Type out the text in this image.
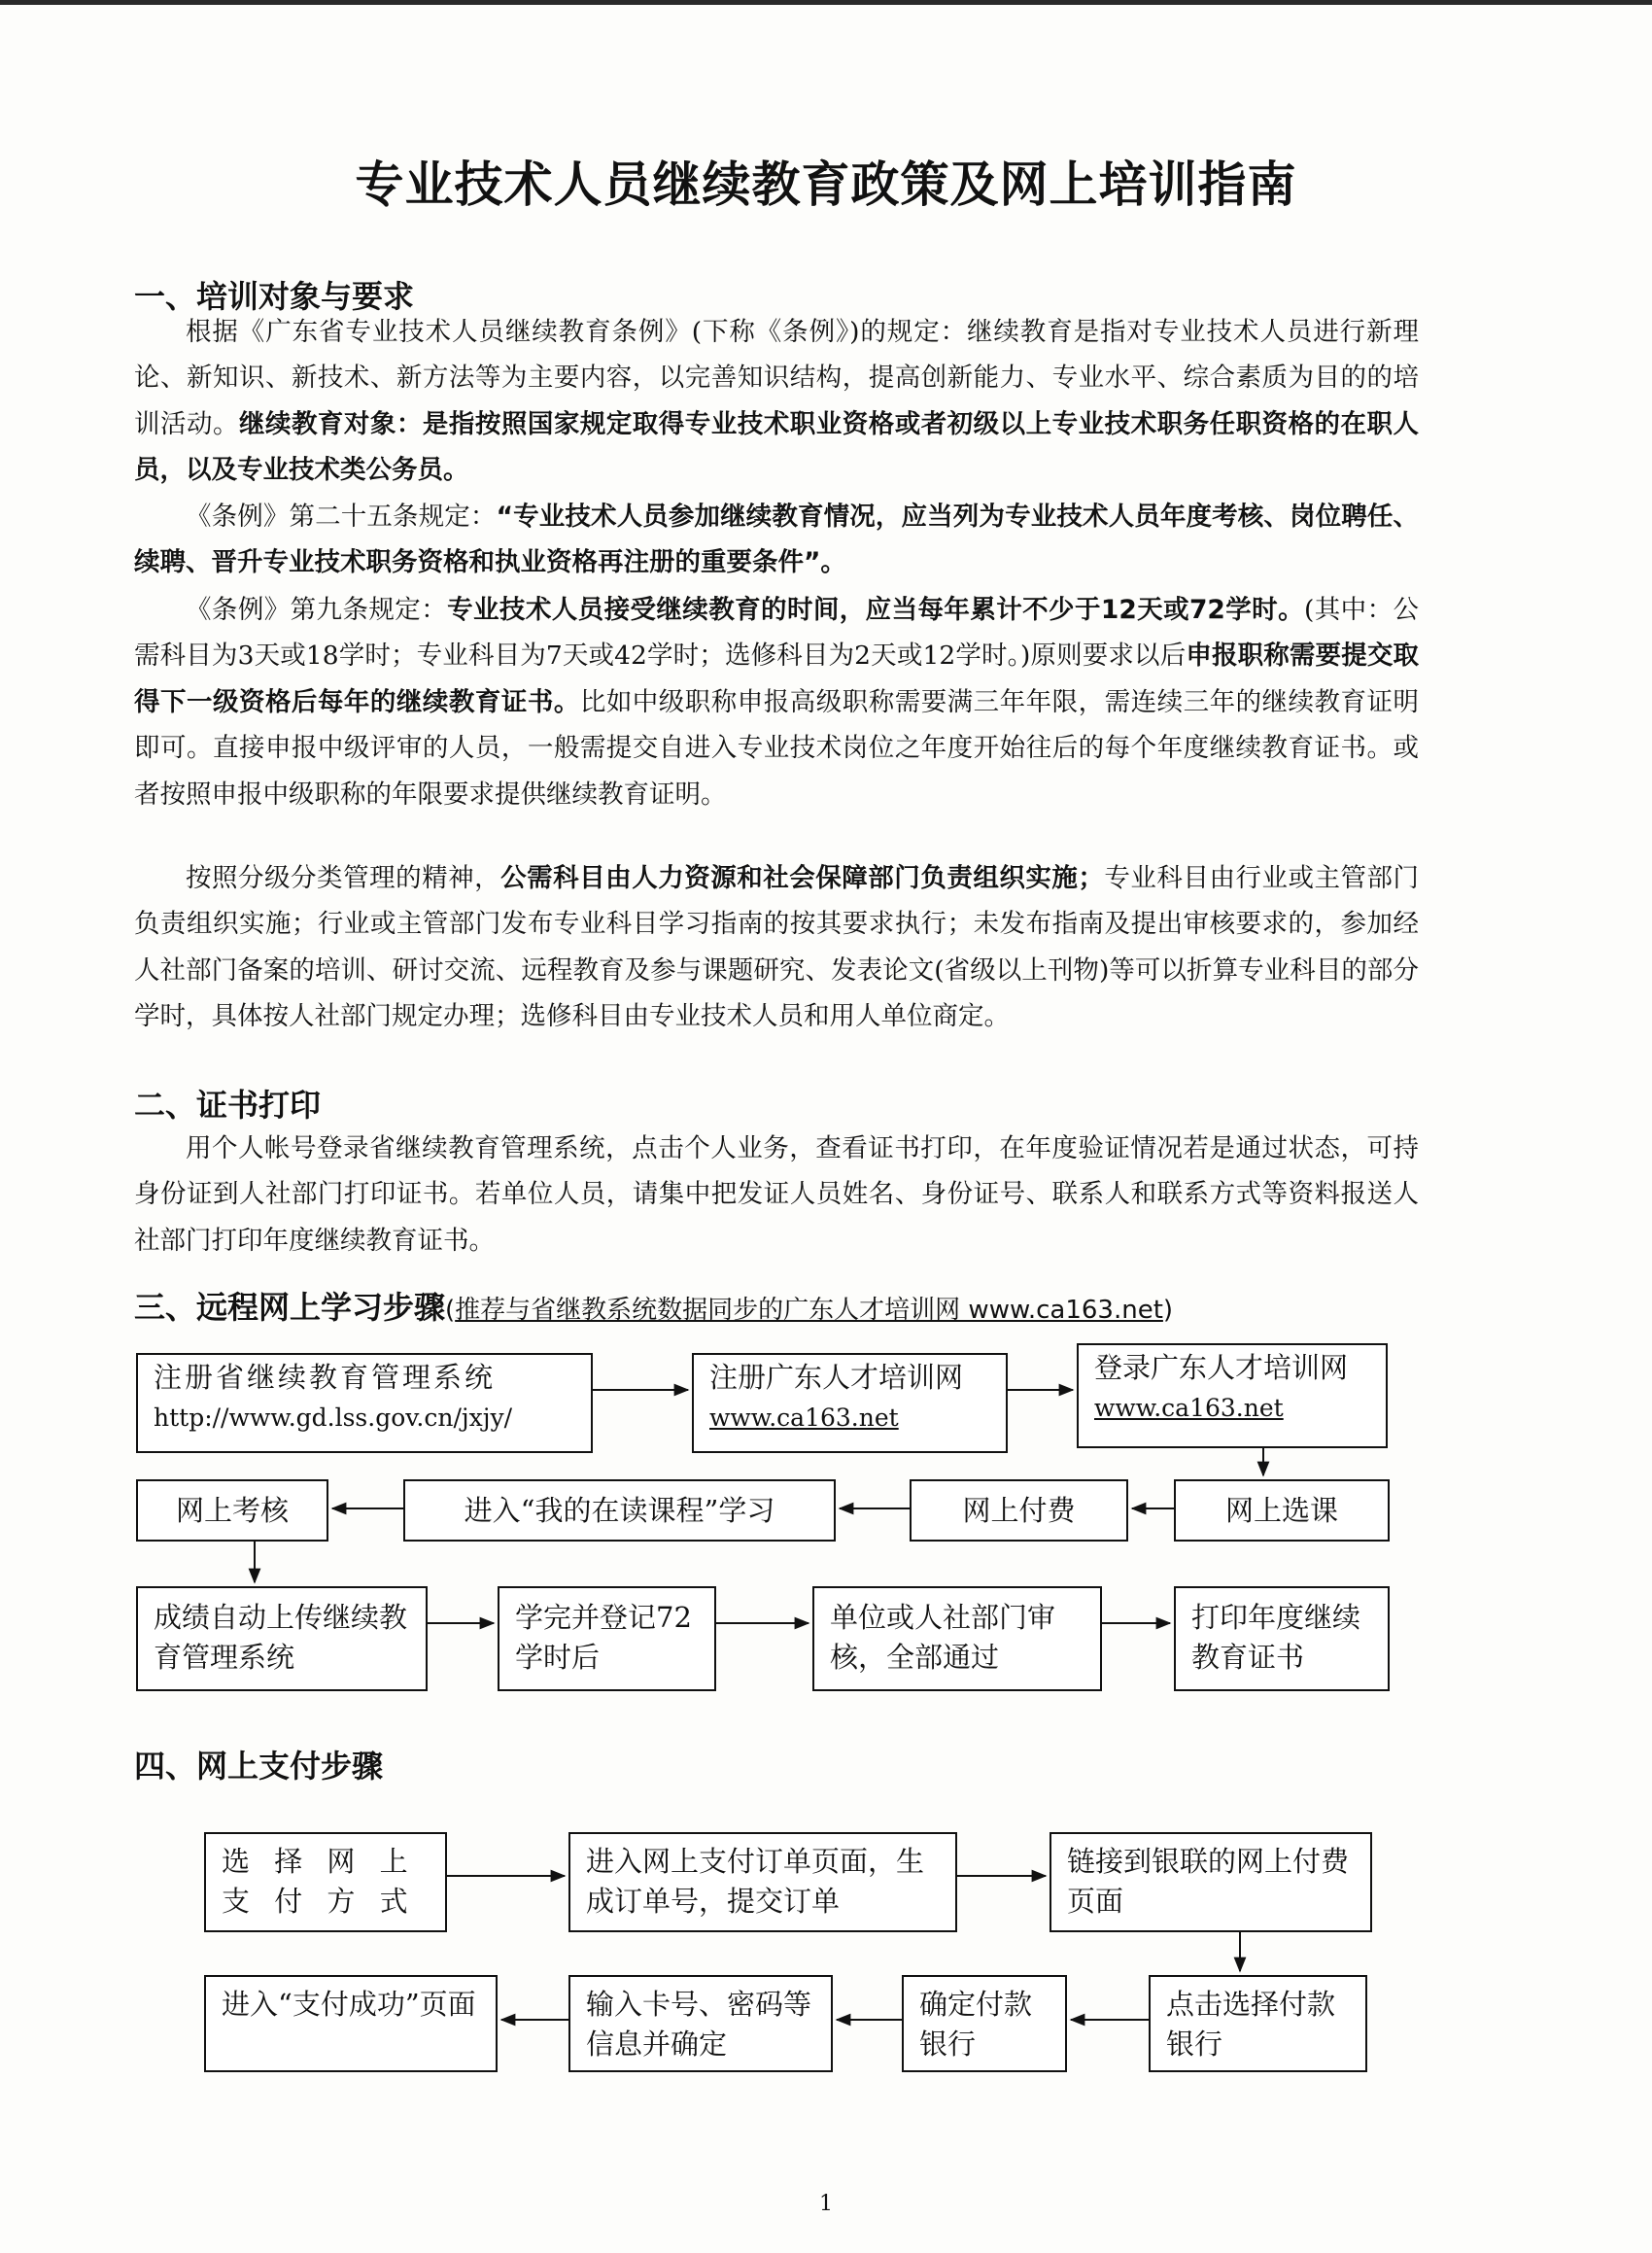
专业技术人员继续教育政策及网上培训指南
一、培训对象与要求

根据《广东省专业技术人员继续教育条例》(下称《条例》)的规定：继续教育是指对专业技术人员进行新理论、新知识、新技术、新方法等为主要内容，以完善知识结构，提高创新能力、专业水平、综合素质为目的的培训活动。继续教育对象：是指按照国家规定取得专业技术职业资格或者初级以上专业技术职务任职资格的在职人员，以及专业技术类公务员。

《条例》第二十五条规定：“专业技术人员参加继续教育情况，应当列为专业技术人员年度考核、岗位聘任、续聘、晋升专业技术职务资格和执业资格再注册的重要条件”。

《条例》第九条规定：专业技术人员接受继续教育的时间，应当每年累计不少于12天或72学时。(其中：公需科目为3天或18学时；专业科目为7天或42学时；选修科目为2天或12学时。)原则要求以后申报职称需要提交取得下一级资格后每年的继续教育证书。比如中级职称申报高级职称需要满三年年限，需连续三年的继续教育证明即可。直接申报中级评审的人员，一般需提交自进入专业技术岗位之年度开始往后的每个年度继续教育证书。或者按照申报中级职称的年限要求提供继续教育证明。

按照分级分类管理的精神，公需科目由人力资源和社会保障部门负责组织实施；专业科目由行业或主管部门负责组织实施；行业或主管部门发布专业科目学习指南的按其要求执行；未发布指南及提出审核要求的，参加经人社部门备案的培训、研讨交流、远程教育及参与课题研究、发表论文(省级以上刊物)等可以折算专业科目的部分学时，具体按人社部门规定办理；选修科目由专业技术人员和用人单位商定。

二、证书打印

用个人帐号登录省继续教育管理系统，点击个人业务，查看证书打印，在年度验证情况若是通过状态，可持身份证到人社部门打印证书。若单位人员，请集中把发证人员姓名、身份证号、联系人和联系方式等资料报送人社部门打印年度继续教育证书。

三、远程网上学习步骤(推荐与省继教系统数据同步的广东人才培训网 www.ca163.net)
注册省继续教育管理系统
http://www.gd.lss.gov.cn/jxjy/
注册广东人才培训网
www.ca163.net
登录广东人才培训网
www.ca163.net
网上选课
网上付费
进入“我的在读课程”学习
网上考核
成绩自动上传继续教育管理系统
学完并登记72学时后
单位或人社部门审核，全部通过
打印年度继续教育证书
四、网上支付步骤
选 择 网 上 支 付 方 式
进入网上支付订单页面，生成订单号，提交订单
链接到银联的网上付费页面
点击选择付款银行
确定付款银行
输入卡号、密码等信息并确定
进入“支付成功”页面
1
